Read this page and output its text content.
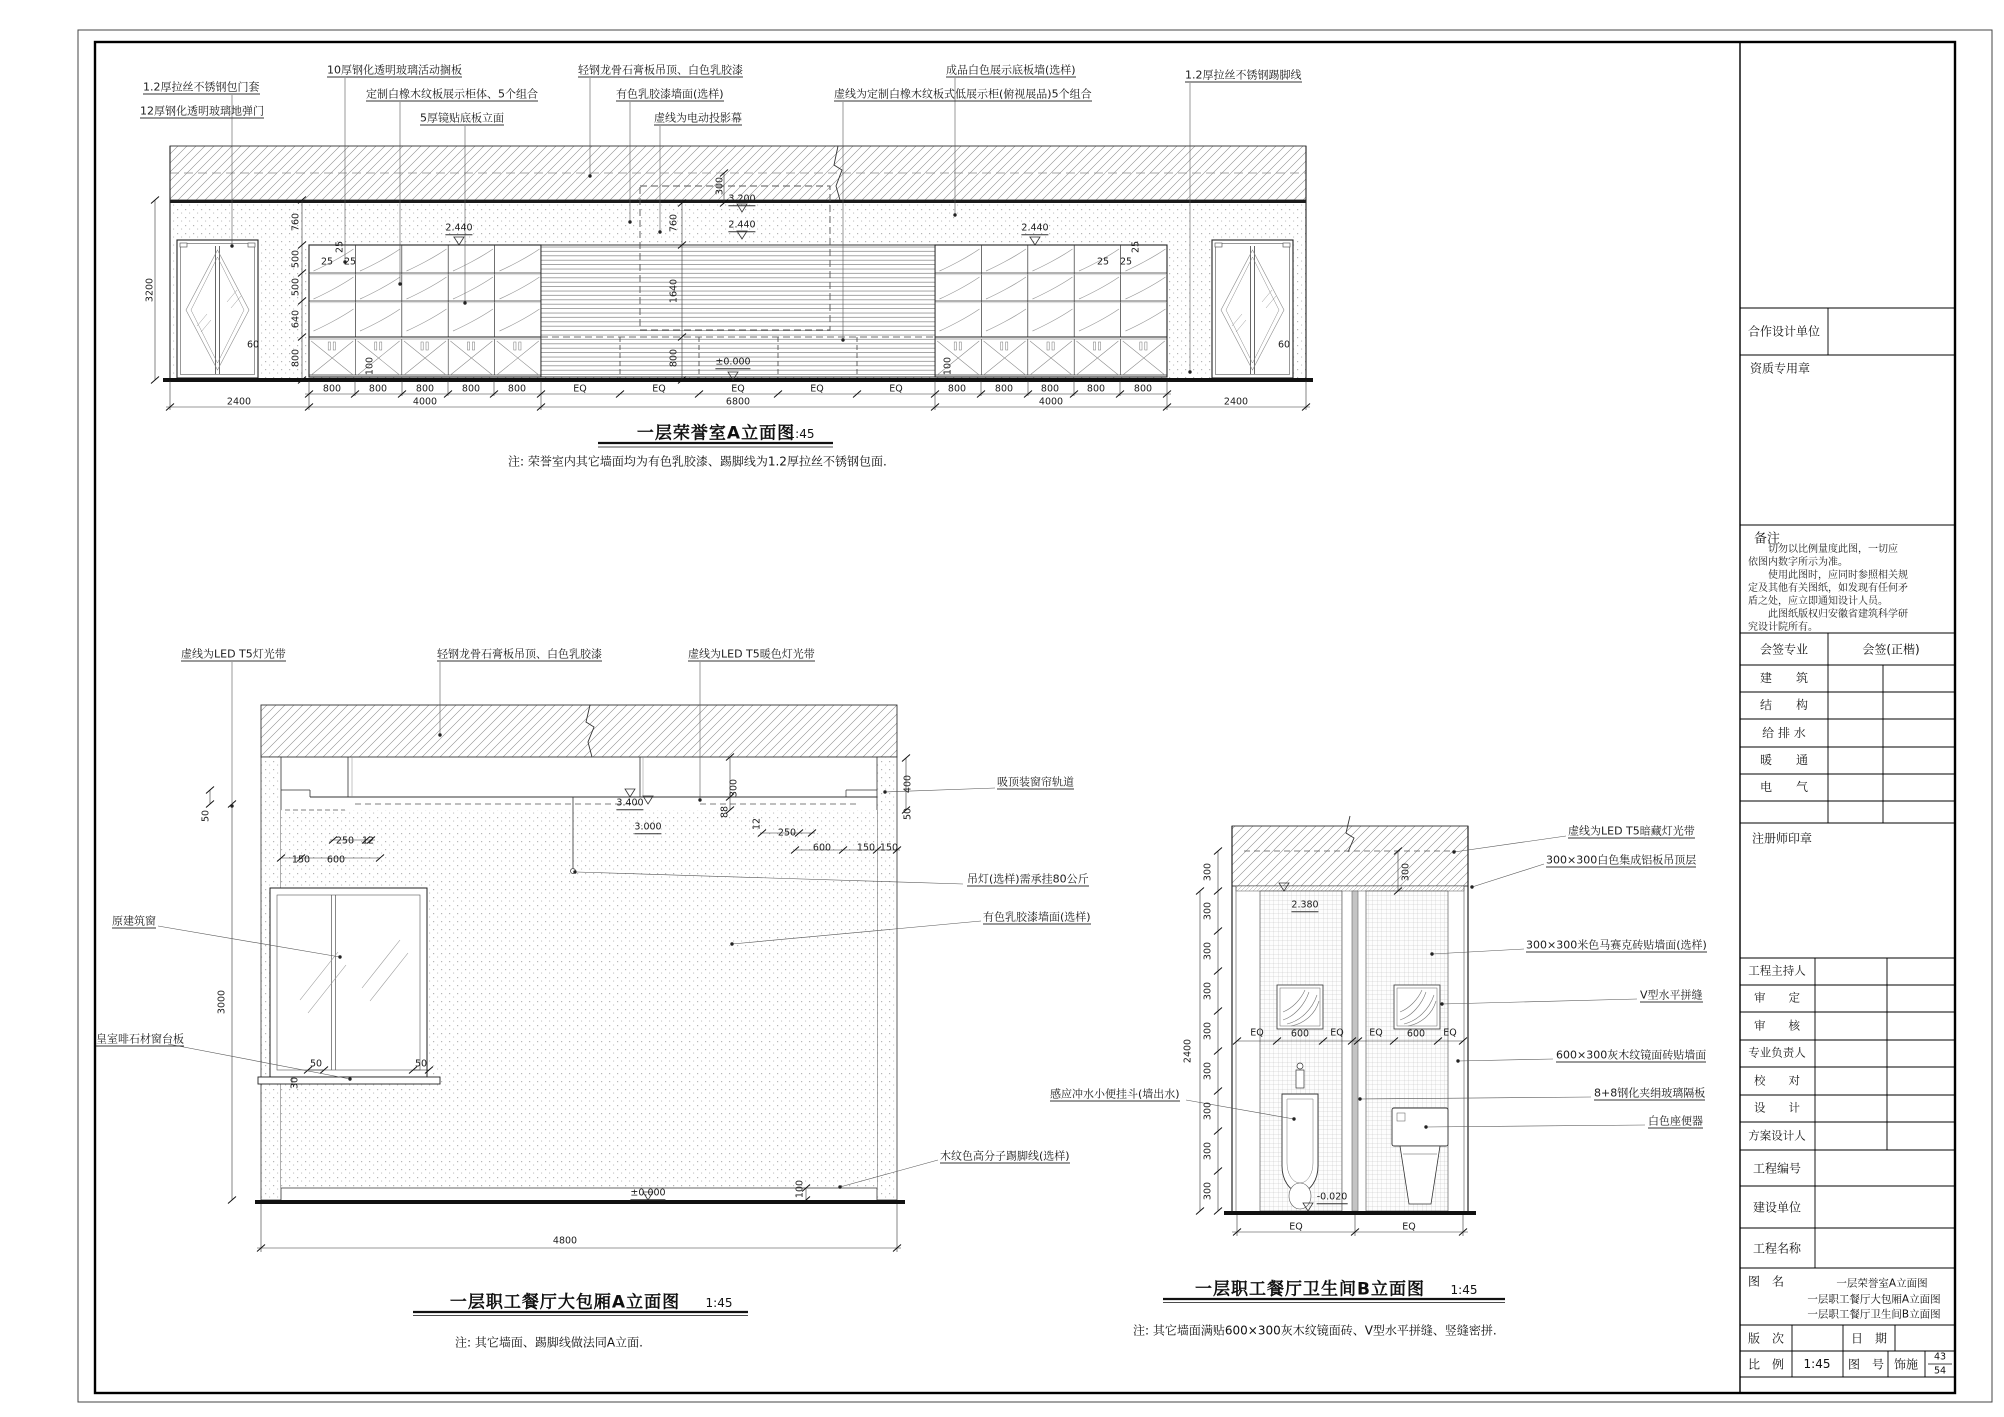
1.2厚拉丝不锈钢包门套
12厚钢化透明玻璃地弹门
10厚钢化透明玻璃活动搁板
定制白橡木纹板展示柜体、5个组合
5厚镜贴底板立面
轻钢龙骨石膏板吊顶、白色乳胶漆
有色乳胶漆墙面(选样)
虚线为电动投影幕
成品白色展示底板墙(选样)
虚线为定制白橡木纹板式低展示柜(俯视展品)5个组合
1.2厚拉丝不锈钢踢脚线
3200
760
500
500
640
800
300
760
1640
800
2.440
3.200
2.440	2.440
±0.000
25 25
25
25 25
25
60	60
100	100
800	800	800	800	800	EQ	EQ	EQ	EQ	EQ	800	800	800	800	800
2400	4000	6800	4000	2400
虚线为LED T5灯光带	轻钢龙骨石膏板吊顶、白色乳胶漆	虚线为LED T5暖色灯光带
吸顶装窗帘轨道
吊灯(选样)需承挂80公斤
有色乳胶漆墙面(选样)
木纹色高分子踢脚线(选样)
原建筑窗
皇室啡石材窗台板
50
3000
250 12
150 600
3.400
3.000
300
88
12
250
600	150 150
400
50
50	50
30
±0.000	100
4800
感应冲水小便挂斗(墙出水)
虚线为LED T5暗藏灯光带
300×300白色集成铝板吊顶层
300×300米色马赛克砖贴墙面(选样)
V型水平拼缝
600×300灰木纹镜面砖贴墙面
8+8钢化夹绢玻璃隔板
白色座便器
300
300
300
300
300
300
300
300
300
2400
300
2.380
EQ	600 EQ	EQ	600 EQ
-0.020
EQ	EQ
　　切勿以比例量度此图，一切应
依图内数字所示为准。
　　使用此图时，应同时参照相关规
定及其他有关图纸，如发现有任何矛
盾之处，应立即通知设计人员。
　　此图纸版权归安徽省建筑科学研
究设计院所有。
建　　筑
结　　构
给 排 水
暖　　通
电　　气
工程主持人
审　　定
审　　核
专业负责人
校　　对
设　　计
方案设计人
一层荣誉室A立面图
1:45
注: 荣誉室内其它墙面均为有色乳胶漆、踢脚线为1.2厚拉丝不锈钢包面.
一层职工餐厅大包厢A立面图 1:45
注: 其它墙面、踢脚线做法同A立面.
一层职工餐厅卫生间B立面图 1:45
注: 其它墙面满贴600×300灰木纹镜面砖、V型水平拼缝、竖缝密拼.
合作设计单位
资质专用章
备注
会签专业	会签(正楷)
注册师印章
工程编号
建设单位
工程名称
图　名	一层荣誉室A立面图
一层职工餐厅大包厢A立面图
一层职工餐厅卫生间B立面图
版　次	日　期
比　例 1:45 图　号 饰施
43
54
